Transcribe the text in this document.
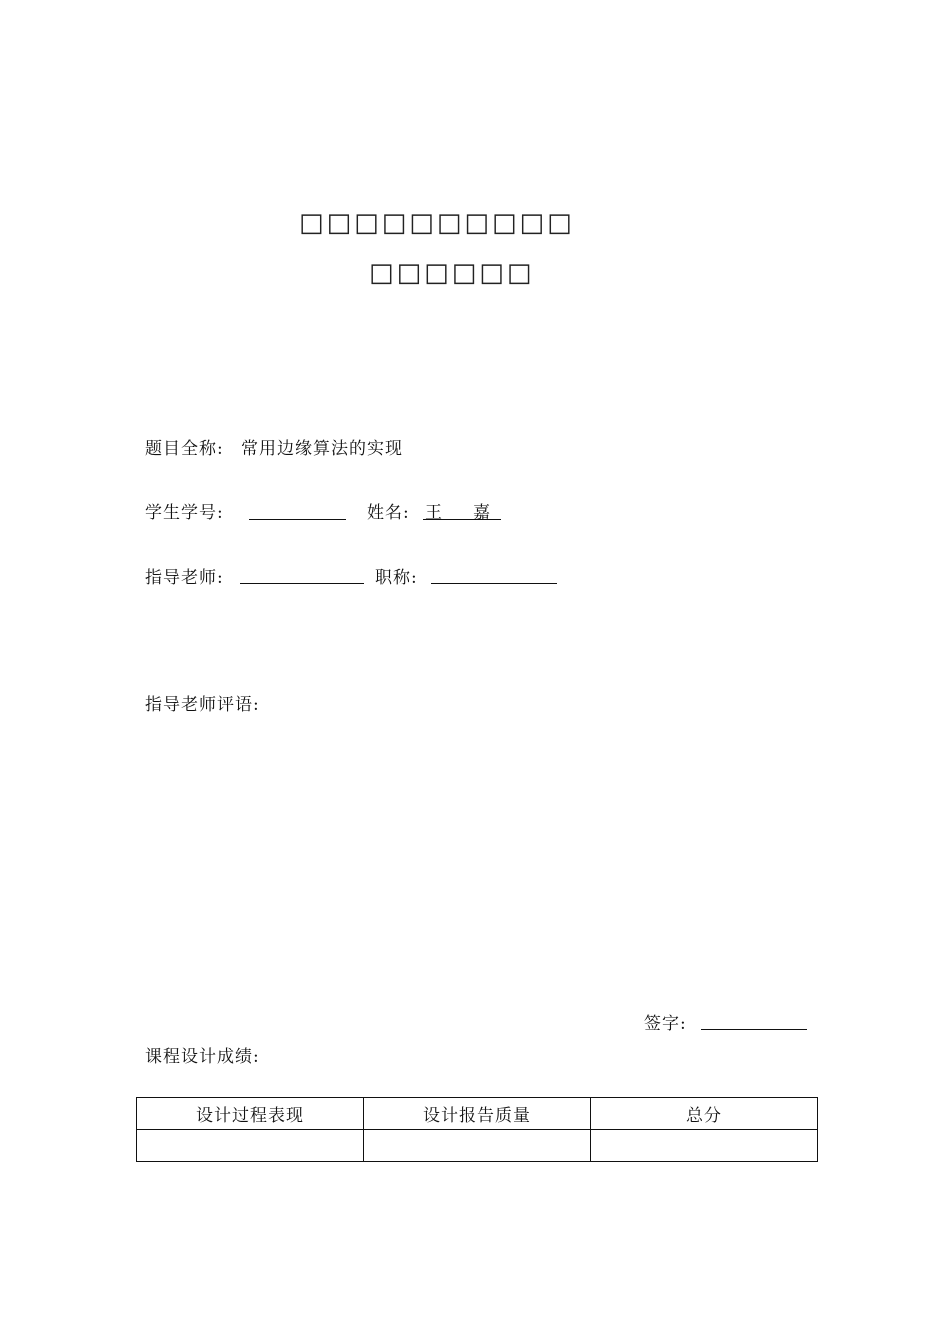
□□□□□□□□□□
□□□□□□
题目全称: 常用边缘算法的实现
学生学号:	姓名: 王 嘉
指导老师:	职称:
指导老师评语:
签字:
课程设计成绩:
设计过程表现	设计报告质量	总分
